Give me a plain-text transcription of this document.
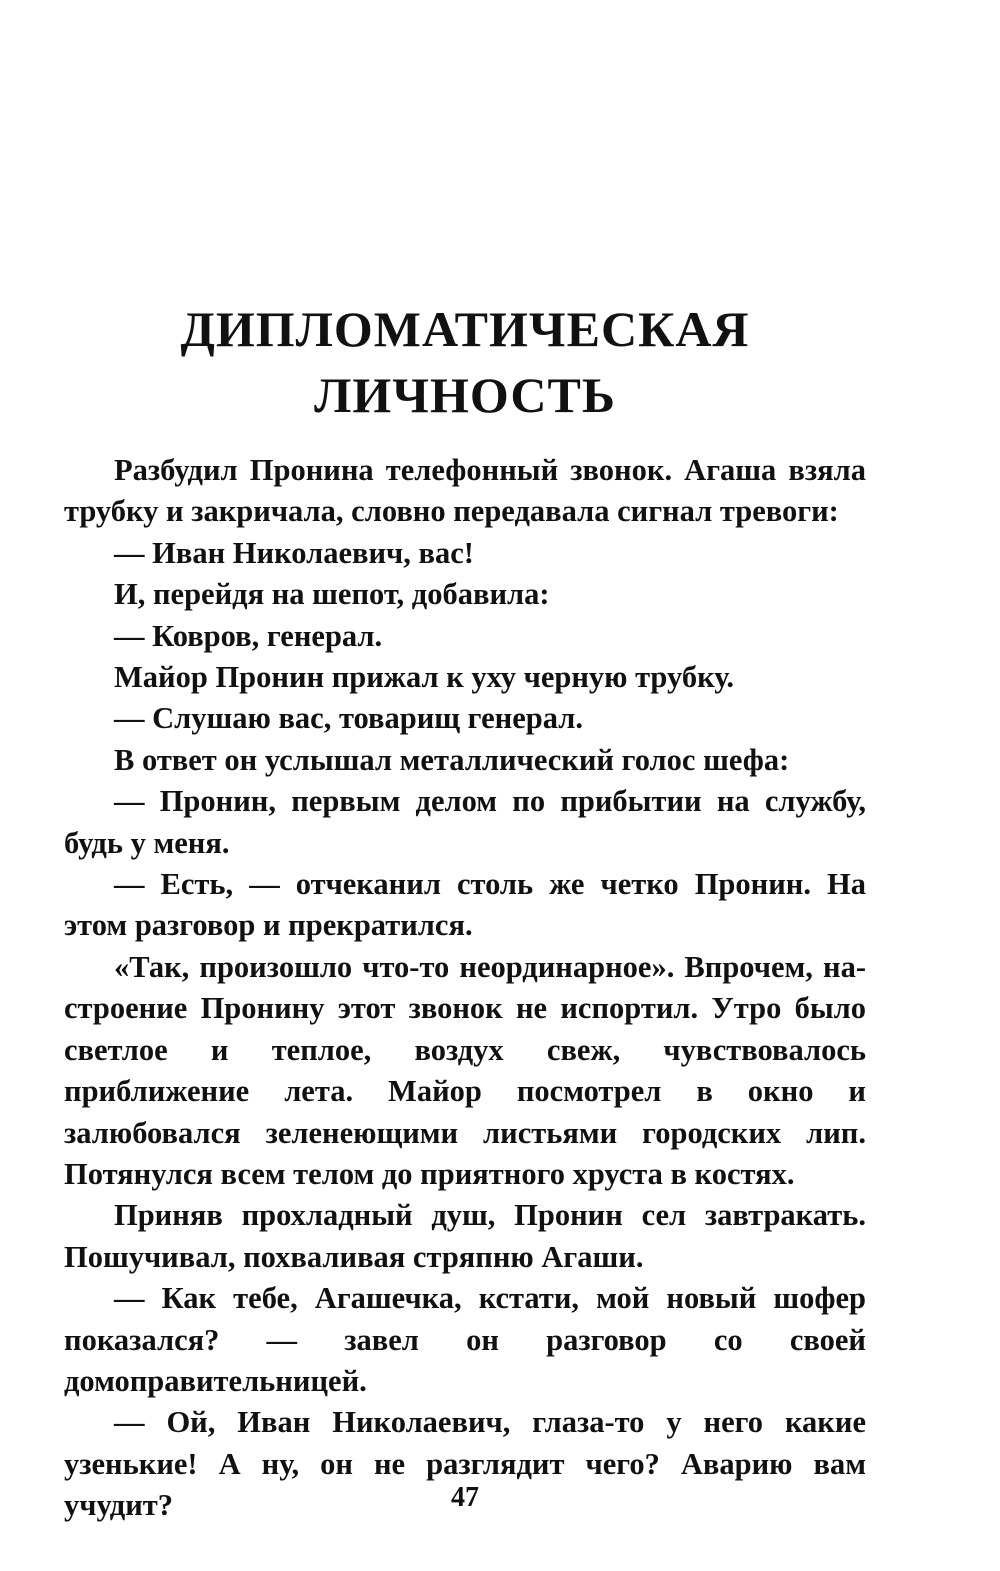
ДИПЛОМАТИЧЕСКАЯ
ЛИЧНОСТЬ

Разбудил Пронина телефонный звонок. Агаша взяла трубку и закричала, словно передавала сигнал тревоги:

— Иван Николаевич, вас!

И, перейдя на шепот, добавила:

— Ковров, генерал.

Майор Пронин прижал к уху черную трубку.

— Слушаю вас, товарищ генерал.

В ответ он услышал металлический голос шефа:

— Пронин, первым делом по прибытии на службу, будь у меня.

— Есть, — отчеканил столь же четко Пронин. На этом разговор и прекратился.

«Так, произошло что-то неординарное». Впрочем, настроение Пронину этот звонок не испортил. Утро было светлое и теплое, воздух свеж, чувствовалось приближение лета. Майор посмотрел в окно и залюбовался зеленеющими листьями городских лип. Потянулся всем телом до приятного хруста в костях.

Приняв прохладный душ, Пронин сел завтракать. Пошучивал, похваливая стряпню Агаши.

— Как тебе, Агашечка, кстати, мой новый шофер показался? — завел он разговор со своей домоправительницей.

— Ой, Иван Николаевич, глаза-то у него какие узенькие! А ну, он не разглядит чего? Аварию вам учудит?	47
